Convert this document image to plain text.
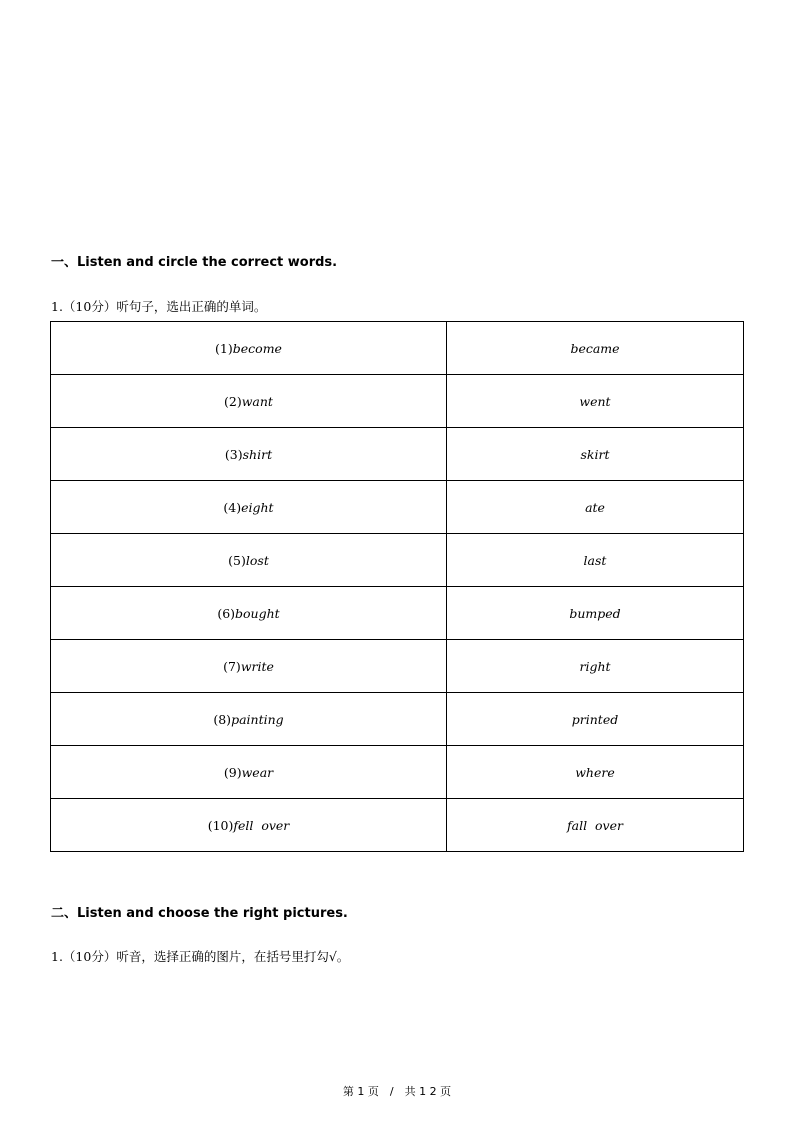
一、Listen and circle the correct words.
1.（10分）听句子，选出正确的单词。
(1)become	became
(2)want	went
(3)shirt	skirt
(4)eight	ate
(5)lost	last
(6)bought	bumped
(7)write	right
(8)painting	printed
(9)wear	where
(10)fell  over	fall  over
二、Listen and choose the right pictures.
1.（10分）听音，选择正确的图片，在括号里打勾√。
第 1 页　/　共 1 2 页
